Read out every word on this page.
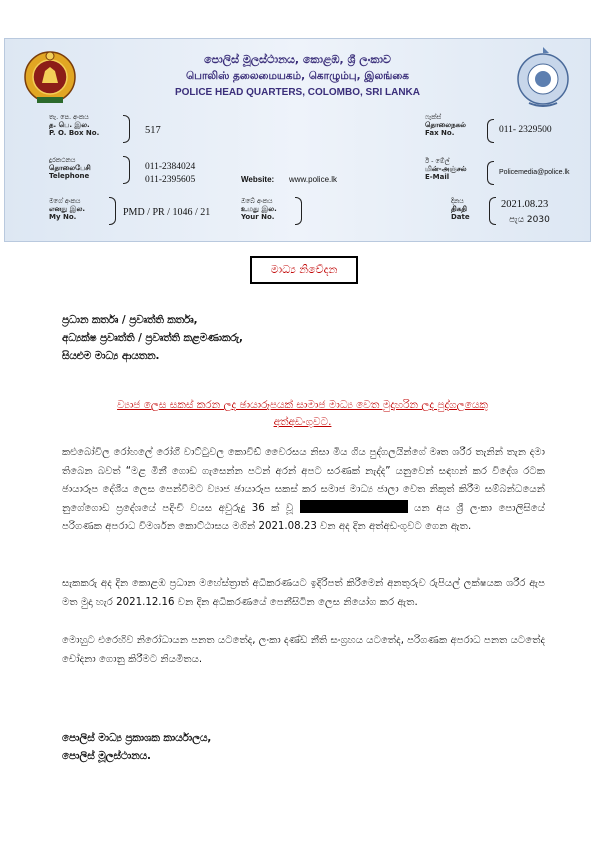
පොලිස් මූලස්ථානය, කොළඹ, ශ්‍රී ලංකාව
பொலிஸ் தலைமையகம், கொழும்பு, இலங்கை
POLICE HEAD QUARTERS, COLOMBO, SRI LANKA
තැ. පෙ. අංකය
த. பெ. இல.
P. O. Box No.	517
ෆැක්ස්
தொலைநகல்
Fax No.	011- 2329500
දුරකථනය
தொலைபேசி
Telephone
011-2384024
011-2395605	Website: www.police.lk
ඊ - මේල්
மின்-அஞ்சல்
E-Mail
Policemedia@police.lk
මගේ අංකය
எனது இல.
My No.	PMD / PR / 1046 / 21
ඔබේ අංකය
உமது இல.
Your No.
දිනය
திகதி
Date
2021.08.23
පැය 2030
මාධ්‍ය නිවේදන
ප්‍රධාන කර්තෘ / ප්‍රවෘත්ති කර්තෘ,
අධ්‍යක්ෂ ප්‍රවෘත්ති / ප්‍රවෘත්ති කළමණාකරු,
සියළුම මාධ්‍ය ආයතන.
ව්‍යාජ ලෙස සකස් කරන ලද ඡායාරූපයක් සාමාජ මාධ්‍ය වෙත මුදාහරින ලද පුද්ගලයෙකු
අත්අඩංගුවට.
කළුබෝවිල රෝහලේ රෝගී වාට්ටුවල කොවිඩ් වෛරසය නිසා මිය ගිය පුද්ගලයින්ගේ මෘත ශරීර තැනින් තැන දමා තිබෙන බවත් “මළ මිනී ගොඩ ගැසෙන්න පටන් අරන් අපට සරණක් නැද්ද” යනුවෙන් සඳහන් කර විදේශ රටක ඡායාරූප දේශීය ලෙස පෙන්වීමට ව්‍යාජ ඡායාරූප සකස් කර සමාජ මාධ්‍ය ජාලා වෙත නිකුත් කිරීම සම්බන්ධයෙන් නුගේගොඩ ප්‍රදේශයේ පදිංචි වයස අවුරුදු 36 ක් වූ	යන අය ශ්‍රී ලංකා පොලිසියේ පරිගණක අපරාධ විමර්ශන කොට්ඨාසය මගින් 2021.08.23 වන අද දින අත්අඩංගුවට ගෙන ඇත.
සැකකරු අද දින කොළඹ ප්‍රධාන මහේස්ත්‍රාත් අධිකරණයට ඉදිරිපත් කිරීමෙන් අනතුරුව රුපියල් ලක්ෂයක ශරීර ඇප මත මුදා හැර 2021.12.16 වන දින අධිකරණයේ පෙනීසිටින ලෙස නියෝග කර ඇත.
මොහුට එරෙහිව නිරෝධායන පනත යටතේද, ලංකා දණ්ඩ නීති සංග්‍රහය යටතේද, පරිගණක අපරාධ පනත යටතේද චෝදනා ගොනු කිරීමට නියමිතය.
පොලිස් මාධ්‍ය ප්‍රකාශක කාර්යාලය,
පොලිස් මූලස්ථානය.
